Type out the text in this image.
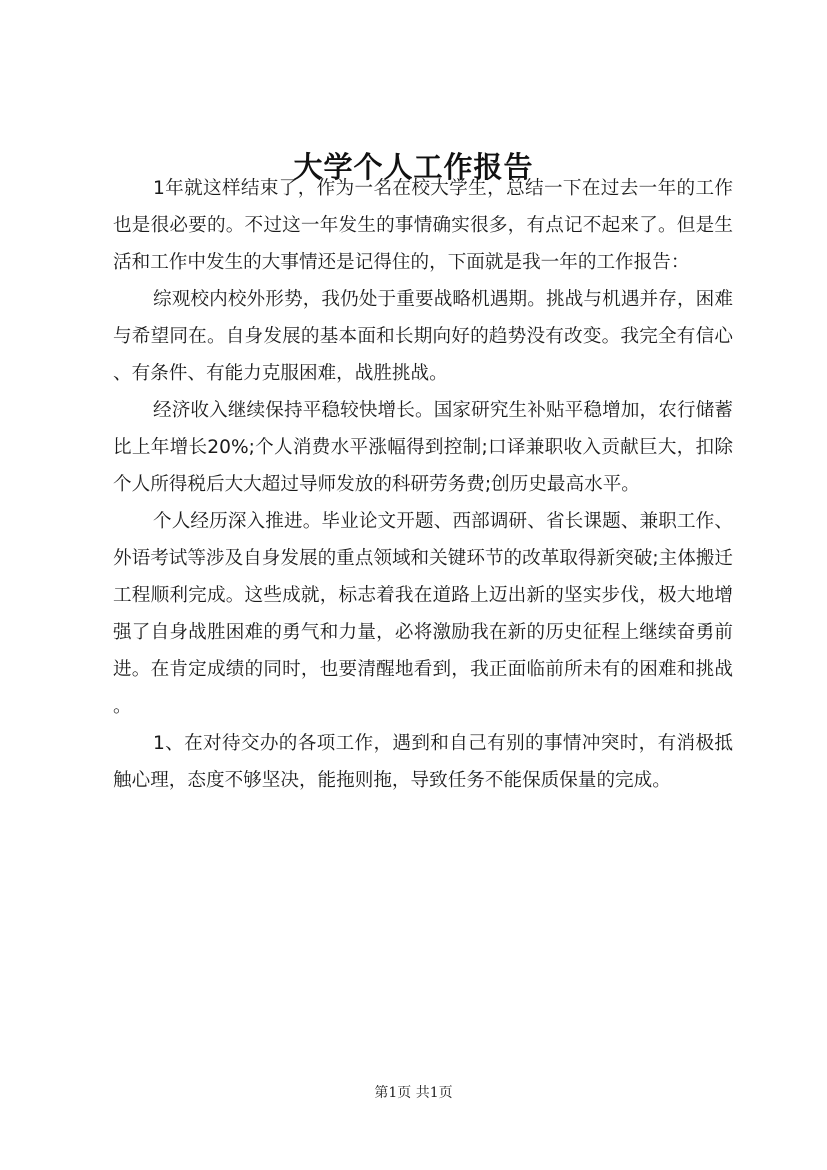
大学个人工作报告

1年就这样结束了，作为一名在校大学生，总结一下在过去一年的工作也是很必要的。不过这一年发生的事情确实很多，有点记不起来了。但是生活和工作中发生的大事情还是记得住的，下面就是我一年的工作报告：

综观校内校外形势，我仍处于重要战略机遇期。挑战与机遇并存，困难与希望同在。自身发展的基本面和长期向好的趋势没有改变。我完全有信心、有条件、有能力克服困难，战胜挑战。

经济收入继续保持平稳较快增长。国家研究生补贴平稳增加，农行储蓄比上年增长20%;个人消费水平涨幅得到控制;口译兼职收入贡献巨大，扣除个人所得税后大大超过导师发放的科研劳务费;创历史最高水平。

个人经历深入推进。毕业论文开题、西部调研、省长课题、兼职工作、外语考试等涉及自身发展的重点领域和关键环节的改革取得新突破;主体搬迁工程顺利完成。这些成就，标志着我在道路上迈出新的坚实步伐，极大地增强了自身战胜困难的勇气和力量，必将激励我在新的历史征程上继续奋勇前进。在肯定成绩的同时，也要清醒地看到，我正面临前所未有的困难和挑战。

1、在对待交办的各项工作，遇到和自己有别的事情冲突时，有消极抵触心理，态度不够坚决，能拖则拖，导致任务不能保质保量的完成。

第1页 共1页
